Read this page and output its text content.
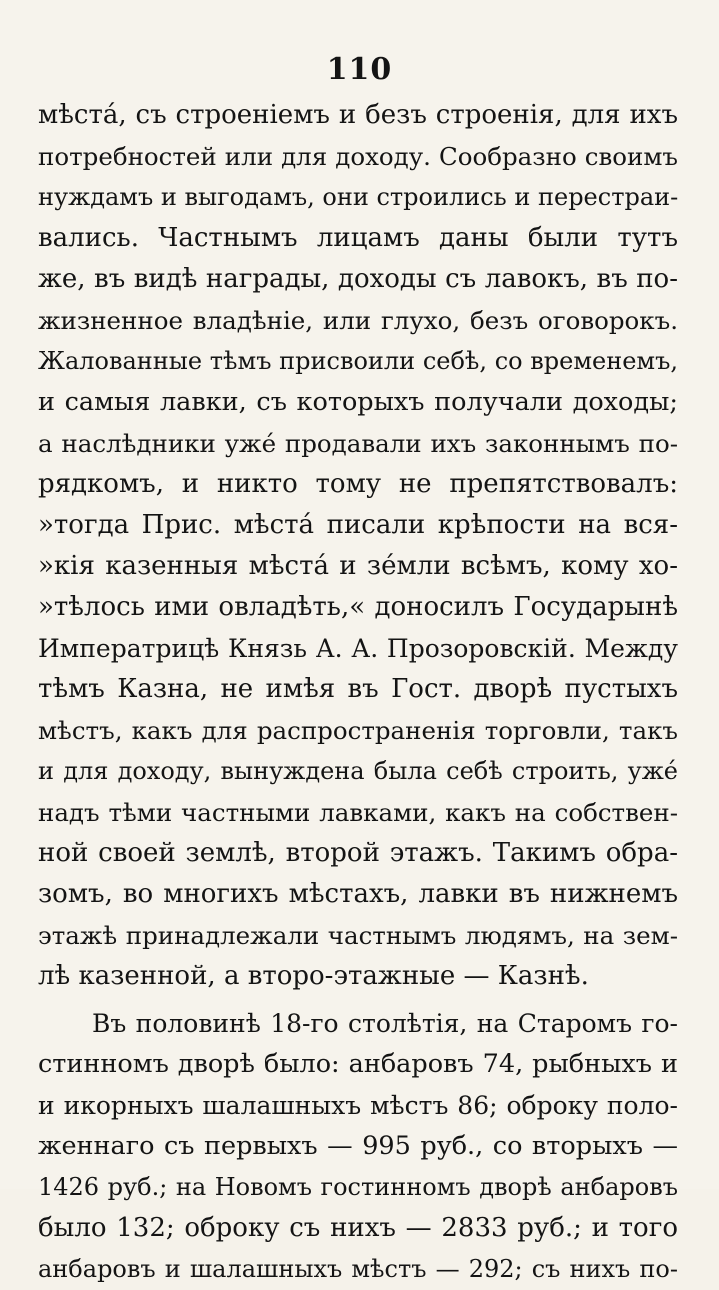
110
мѣста́, съ строеніемъ и безъ строенія, для ихъ
потребностей или для доходу. Сообразно своимъ
нуждамъ и выгодамъ, они строились и перестраи-
вались. Частнымъ лицамъ даны были тутъ
же, въ видѣ награды, доходы съ лавокъ, въ по-
жизненное владѣніе, или глухо, безъ оговорокъ.
Жалованные тѣмъ присвоили себѣ, со временемъ,
и самыя лавки, съ которыхъ получали доходы;
а наслѣдники уже́ продавали ихъ законнымъ по-
рядкомъ, и никто тому не препятствовалъ:
»тогда Прис. мѣста́ писали крѣпости на вся-
»кія казенныя мѣста́ и зе́мли всѣмъ, кому хо-
»тѣлось ими овладѣть,« доносилъ Государынѣ
Императрицѣ Князь А. А. Прозоровскій. Между
тѣмъ Казна, не имѣя въ Гост. дворѣ пустыхъ
мѣстъ, какъ для распространенія торговли, такъ
и для доходу, вынуждена была себѣ строить, уже́
надъ тѣми частными лавками, какъ на собствен-
ной своей землѣ, второй этажъ. Такимъ обра-
зомъ, во многихъ мѣстахъ, лавки въ нижнемъ
этажѣ принадлежали частнымъ людямъ, на зем-
лѣ казенной, а второ-этажные — Казнѣ.
Въ половинѣ 18-го столѣтія, на Старомъ го-
стинномъ дворѣ было: анбаровъ 74, рыбныхъ и
и икорныхъ шалашныхъ мѣстъ 86; оброку поло-
женнаго съ первыхъ — 995 руб., со вторыхъ —
1426 руб.; на Новомъ гостинномъ дворѣ анбаровъ
было 132; оброку съ нихъ — 2833 руб.; и того
анбаровъ и шалашныхъ мѣстъ — 292; съ нихъ по-
